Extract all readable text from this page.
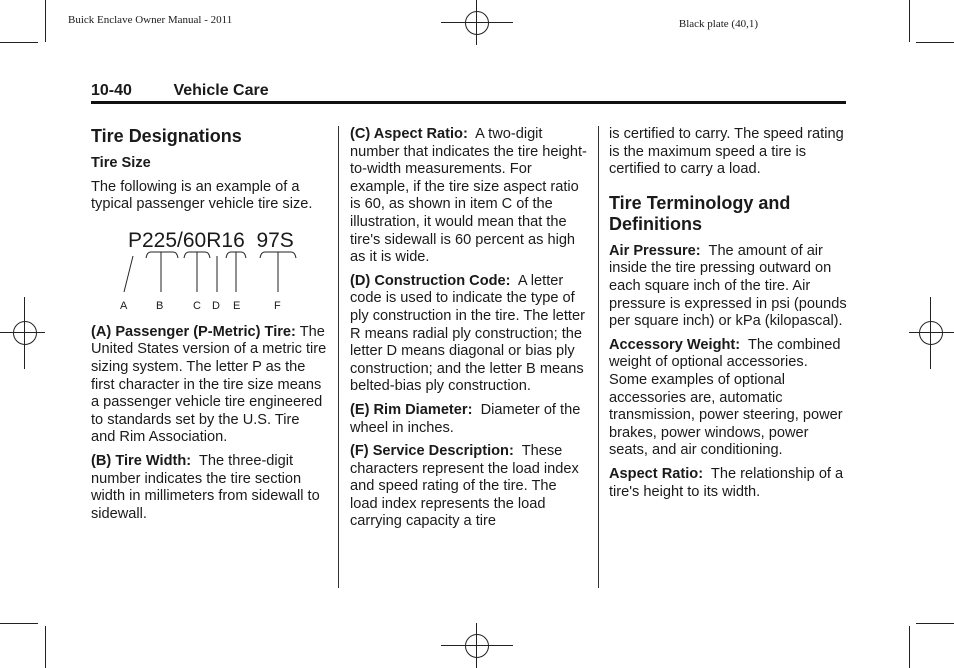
Buick Enclave Owner Manual - 2011	Black plate (40,1)
10-40	Vehicle Care
Tire Designations
Tire Size

The following is an example of a typical passenger vehicle tire size.

P225/60R16 97S
A	B	C D E	F

(A) Passenger (P-Metric) Tire: The United States version of a metric tire sizing system. The letter P as the first character in the tire size means a passenger vehicle tire engineered to standards set by the U.S. Tire and Rim Association.

(B) Tire Width: The three-digit number indicates the tire section width in millimeters from sidewall to sidewall.

(C) Aspect Ratio: A two-digit number that indicates the tire height-to-width measurements. For example, if the tire size aspect ratio is 60, as shown in item C of the illustration, it would mean that the tire's sidewall is 60 percent as high as it is wide.

(D) Construction Code: A letter code is used to indicate the type of ply construction in the tire. The letter R means radial ply construction; the letter D means diagonal or bias ply construction; and the letter B means belted-bias ply construction.

(E) Rim Diameter: Diameter of the wheel in inches.

(F) Service Description: These characters represent the load index and speed rating of the tire. The load index represents the load carrying capacity a tire

is certified to carry. The speed rating is the maximum speed a tire is certified to carry a load.

Tire Terminology and Definitions

Air Pressure: The amount of air inside the tire pressing outward on each square inch of the tire. Air pressure is expressed in psi (pounds per square inch) or kPa (kilopascal).

Accessory Weight: The combined weight of optional accessories. Some examples of optional accessories are, automatic transmission, power steering, power brakes, power windows, power seats, and air conditioning.

Aspect Ratio: The relationship of a tire's height to its width.
